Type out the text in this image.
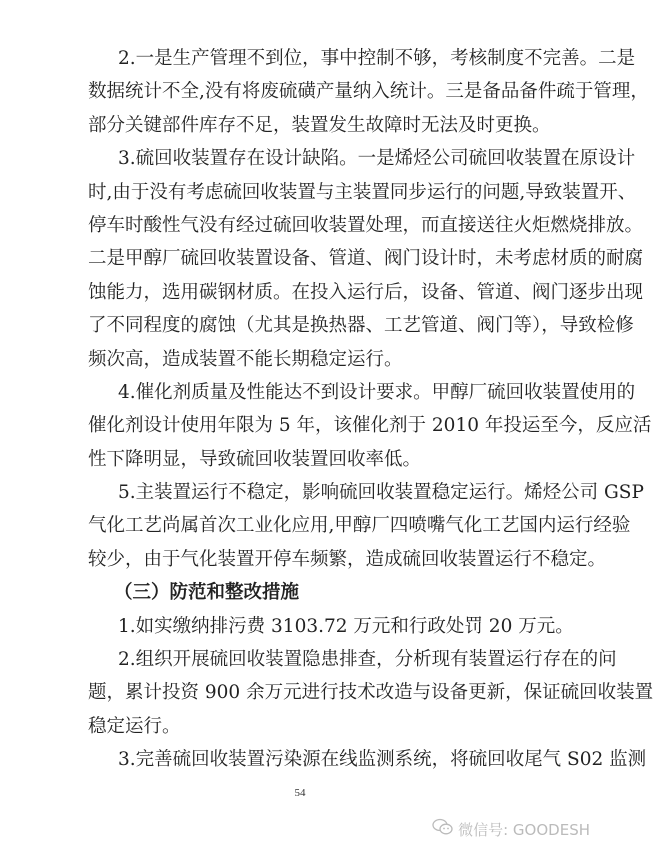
2.一是生产管理不到位，事中控制不够，考核制度不完善。二是
数据统计不全,没有将废硫磺产量纳入统计。三是备品备件疏于管理，
部分关键部件库存不足，装置发生故障时无法及时更换。
3.硫回收装置存在设计缺陷。一是烯烃公司硫回收装置在原设计
时,由于没有考虑硫回收装置与主装置同步运行的问题,导致装置开、
停车时酸性气没有经过硫回收装置处理，而直接送往火炬燃烧排放。
二是甲醇厂硫回收装置设备、管道、阀门设计时，未考虑材质的耐腐
蚀能力，选用碳钢材质。在投入运行后，设备、管道、阀门逐步出现
了不同程度的腐蚀（尤其是换热器、工艺管道、阀门等），导致检修
频次高，造成装置不能长期稳定运行。
4.催化剂质量及性能达不到设计要求。甲醇厂硫回收装置使用的
催化剂设计使用年限为 5 年，该催化剂于 2010 年投运至今，反应活
性下降明显，导致硫回收装置回收率低。
5.主装置运行不稳定，影响硫回收装置稳定运行。烯烃公司 GSP
气化工艺尚属首次工业化应用,甲醇厂四喷嘴气化工艺国内运行经验
较少，由于气化装置开停车频繁，造成硫回收装置运行不稳定。
（三）防范和整改措施
1.如实缴纳排污费 3103.72 万元和行政处罚 20 万元。
2.组织开展硫回收装置隐患排查，分析现有装置运行存在的问
题，累计投资 900 余万元进行技术改造与设备更新，保证硫回收装置
稳定运行。
3.完善硫回收装置污染源在线监测系统，将硫回收尾气 S02 监测
54
微信号: GOODESH
